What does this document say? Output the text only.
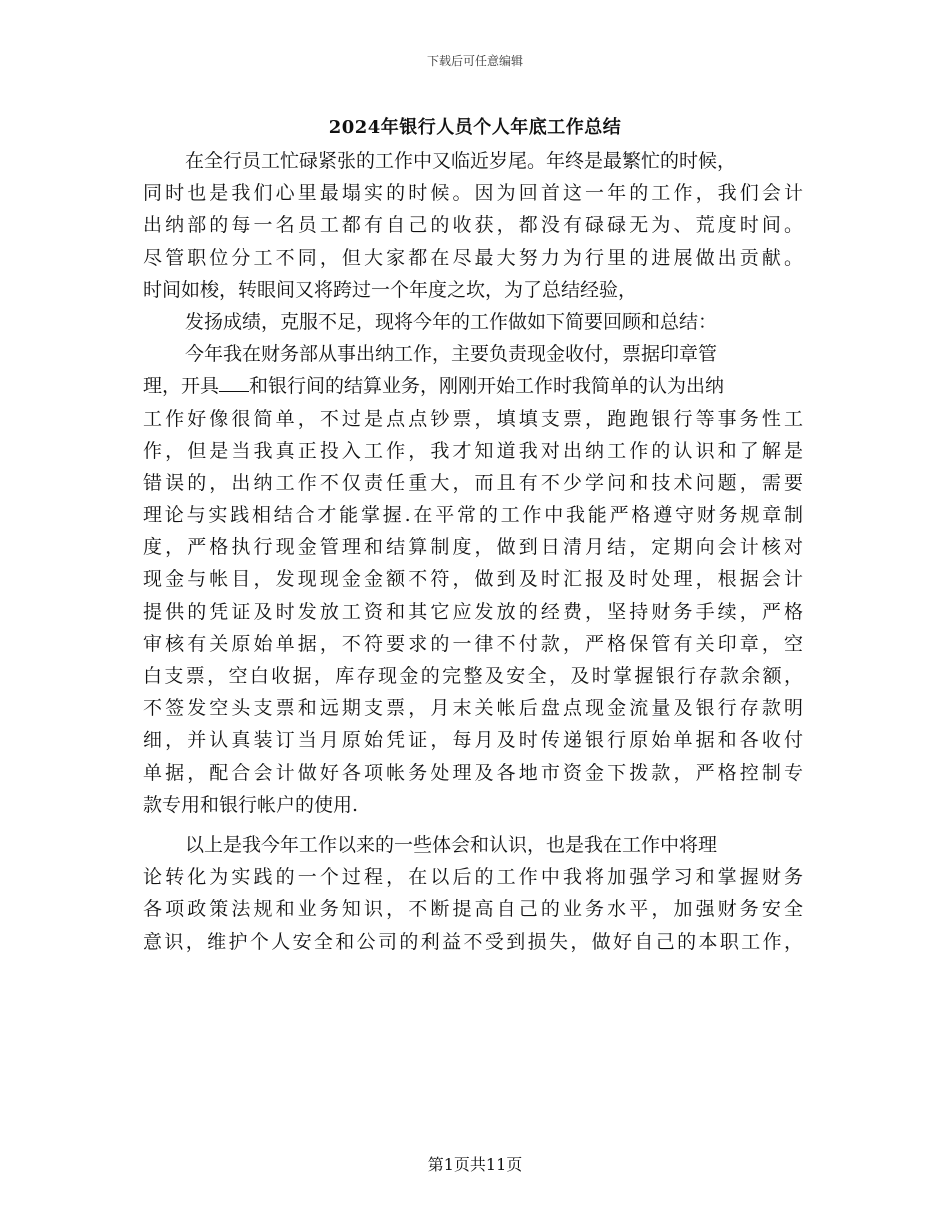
下载后可任意编辑
2024年银行人员个人年底工作总结
在全行员工忙碌紧张的工作中又临近岁尾。年终是最繁忙的时候，
同时也是我们心里最塌实的时候。因为回首这一年的工作，我们会计
出纳部的每一名员工都有自己的收获，都没有碌碌无为、荒度时间。
尽管职位分工不同，但大家都在尽最大努力为行里的进展做出贡献。
时间如梭，转眼间又将跨过一个年度之坎，为了总结经验，
发扬成绩，克服不足，现将今年的工作做如下简要回顾和总结：
今年我在财务部从事出纳工作，主要负责现金收付，票据印章管
理，开具 和银行间的结算业务，刚刚开始工作时我简单的认为出纳
工作好像很简单，不过是点点钞票，填填支票，跑跑银行等事务性工
作，但是当我真正投入工作，我才知道我对出纳工作的认识和了解是
错误的，出纳工作不仅责任重大，而且有不少学问和技术问题，需要
理论与实践相结合才能掌握.在平常的工作中我能严格遵守财务规章制
度，严格执行现金管理和结算制度，做到日清月结，定期向会计核对
现金与帐目，发现现金金额不符，做到及时汇报及时处理，根据会计
提供的凭证及时发放工资和其它应发放的经费，坚持财务手续，严格
审核有关原始单据，不符要求的一律不付款，严格保管有关印章，空
白支票，空白收据，库存现金的完整及安全，及时掌握银行存款余额，
不签发空头支票和远期支票，月末关帐后盘点现金流量及银行存款明
细，并认真装订当月原始凭证，每月及时传递银行原始单据和各收付
单据，配合会计做好各项帐务处理及各地市资金下拨款，严格控制专
款专用和银行帐户的使用.
以上是我今年工作以来的一些体会和认识，也是我在工作中将理
论转化为实践的一个过程，在以后的工作中我将加强学习和掌握财务
各项政策法规和业务知识，不断提高自己的业务水平，加强财务安全
意识，维护个人安全和公司的利益不受到损失，做好自己的本职工作，
第1页共11页
